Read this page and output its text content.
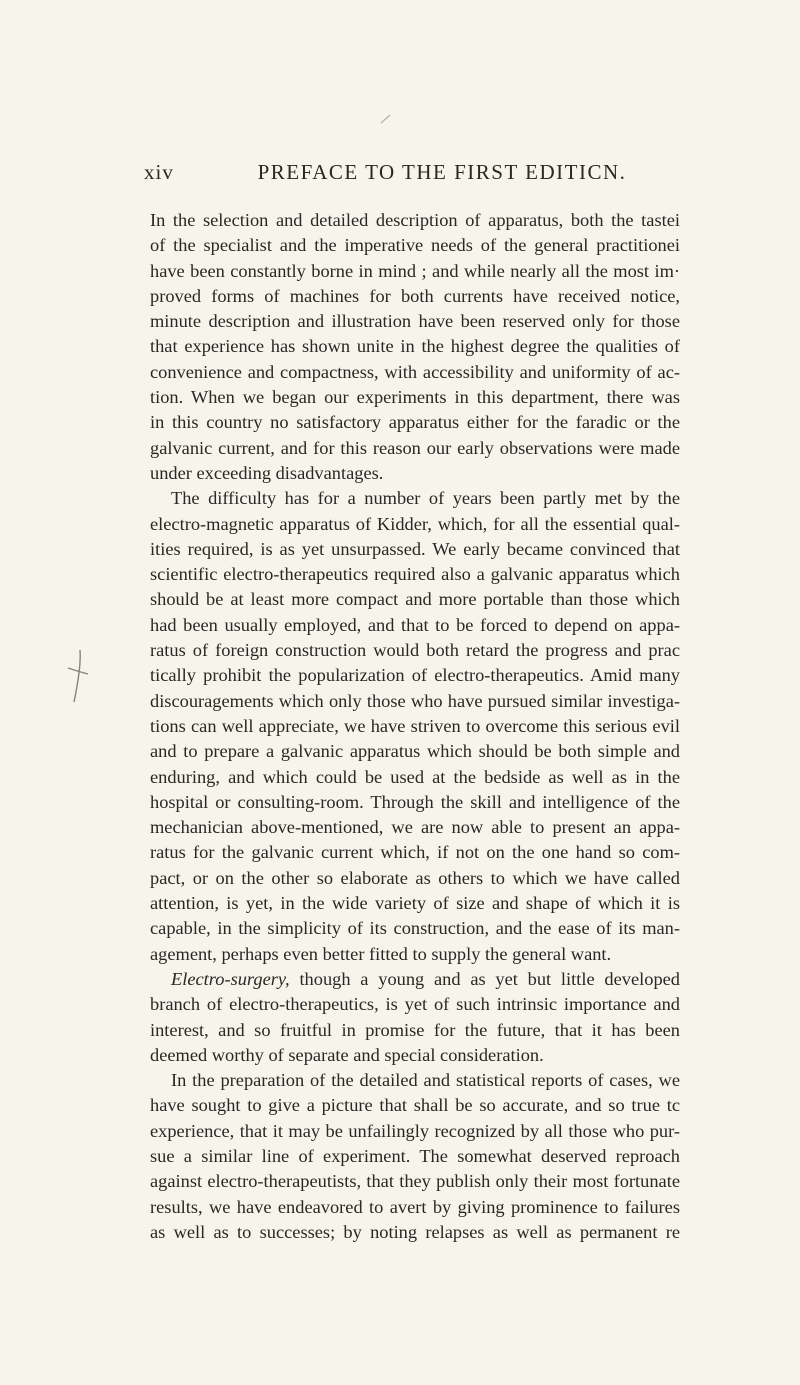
xiv	PREFACE TO THE FIRST EDITICN.
In the selection and detailed description of apparatus, both the tastei
of the specialist and the imperative needs of the general practitionei
have been constantly borne in mind ; and while nearly all the most im·
proved forms of machines for both currents have received notice,
minute description and illustration have been reserved only for those
that experience has shown unite in the highest degree the qualities of
convenience and compactness, with accessibility and uniformity of ac-
tion. When we began our experiments in this department, there was
in this country no satisfactory apparatus either for the faradic or the
galvanic current, and for this reason our early observations were made
under exceeding disadvantages.
The difficulty has for a number of years been partly met by the
electro-magnetic apparatus of Kidder, which, for all the essential qual-
ities required, is as yet unsurpassed. We early became convinced that
scientific electro-therapeutics required also a galvanic apparatus which
should be at least more compact and more portable than those which
had been usually employed, and that to be forced to depend on appa-
ratus of foreign construction would both retard the progress and prac
tically prohibit the popularization of electro-therapeutics. Amid many
discouragements which only those who have pursued similar investiga-
tions can well appreciate, we have striven to overcome this serious evil
and to prepare a galvanic apparatus which should be both simple and
enduring, and which could be used at the bedside as well as in the
hospital or consulting-room. Through the skill and intelligence of the
mechanician above-mentioned, we are now able to present an appa-
ratus for the galvanic current which, if not on the one hand so com-
pact, or on the other so elaborate as others to which we have called
attention, is yet, in the wide variety of size and shape of which it is
capable, in the simplicity of its construction, and the ease of its man-
agement, perhaps even better fitted to supply the general want.
Electro-surgery, though a young and as yet but little developed
branch of electro-therapeutics, is yet of such intrinsic importance and
interest, and so fruitful in promise for the future, that it has been
deemed worthy of separate and special consideration.
In the preparation of the detailed and statistical reports of cases, we
have sought to give a picture that shall be so accurate, and so true tc
experience, that it may be unfailingly recognized by all those who pur-
sue a similar line of experiment. The somewhat deserved reproach
against electro-therapeutists, that they publish only their most fortunate
results, we have endeavored to avert by giving prominence to failures
as well as to successes; by noting relapses as well as permanent re
